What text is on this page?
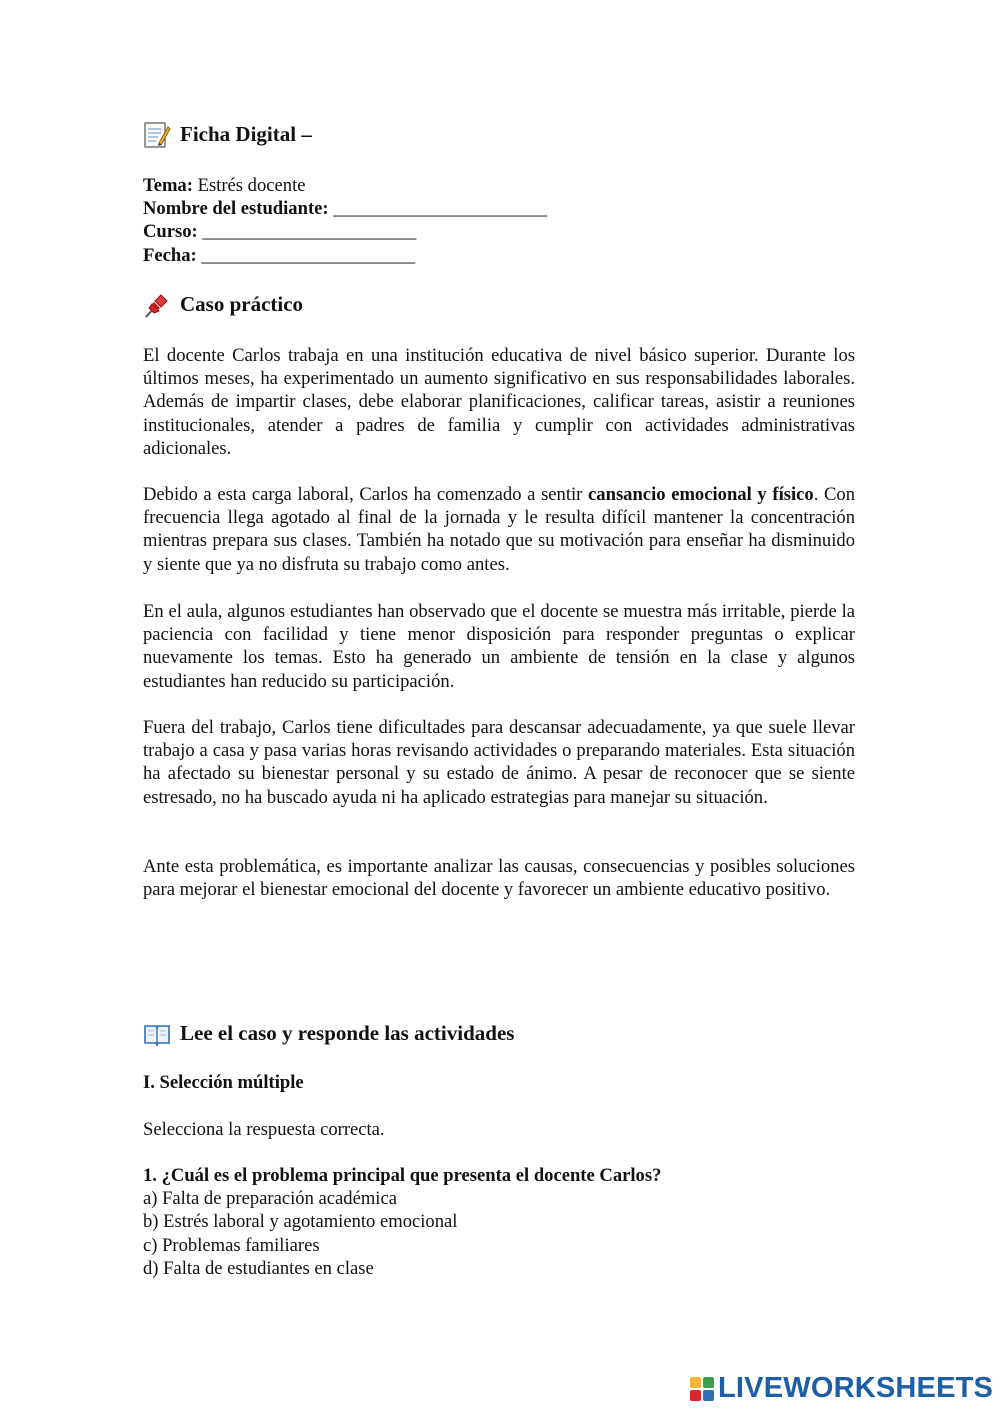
Ficha Digital –
Tema: Estrés docente
Nombre del estudiante: _______________________
Curso: _______________________
Fecha: _______________________
Caso práctico
El docente Carlos trabaja en una institución educativa de nivel básico superior. Durante los últimos meses, ha experimentado un aumento significativo en sus responsabilidades laborales. Además de impartir clases, debe elaborar planificaciones, calificar tareas, asistir a reuniones institucionales, atender a padres de familia y cumplir con actividades administrativas adicionales.
Debido a esta carga laboral, Carlos ha comenzado a sentir cansancio emocional y físico. Con frecuencia llega agotado al final de la jornada y le resulta difícil mantener la concentración mientras prepara sus clases. También ha notado que su motivación para enseñar ha disminuido y siente que ya no disfruta su trabajo como antes.
En el aula, algunos estudiantes han observado que el docente se muestra más irritable, pierde la paciencia con facilidad y tiene menor disposición para responder preguntas o explicar nuevamente los temas. Esto ha generado un ambiente de tensión en la clase y algunos estudiantes han reducido su participación.
Fuera del trabajo, Carlos tiene dificultades para descansar adecuadamente, ya que suele llevar trabajo a casa y pasa varias horas revisando actividades o preparando materiales. Esta situación ha afectado su bienestar personal y su estado de ánimo. A pesar de reconocer que se siente estresado, no ha buscado ayuda ni ha aplicado estrategias para manejar su situación.
Ante esta problemática, es importante analizar las causas, consecuencias y posibles soluciones para mejorar el bienestar emocional del docente y favorecer un ambiente educativo positivo.
Lee el caso y responde las actividades
I. Selección múltiple
Selecciona la respuesta correcta.
1. ¿Cuál es el problema principal que presenta el docente Carlos?
a) Falta de preparación académica
b) Estrés laboral y agotamiento emocional
c) Problemas familiares
d) Falta de estudiantes en clase
LIVEWORKSHEETS
